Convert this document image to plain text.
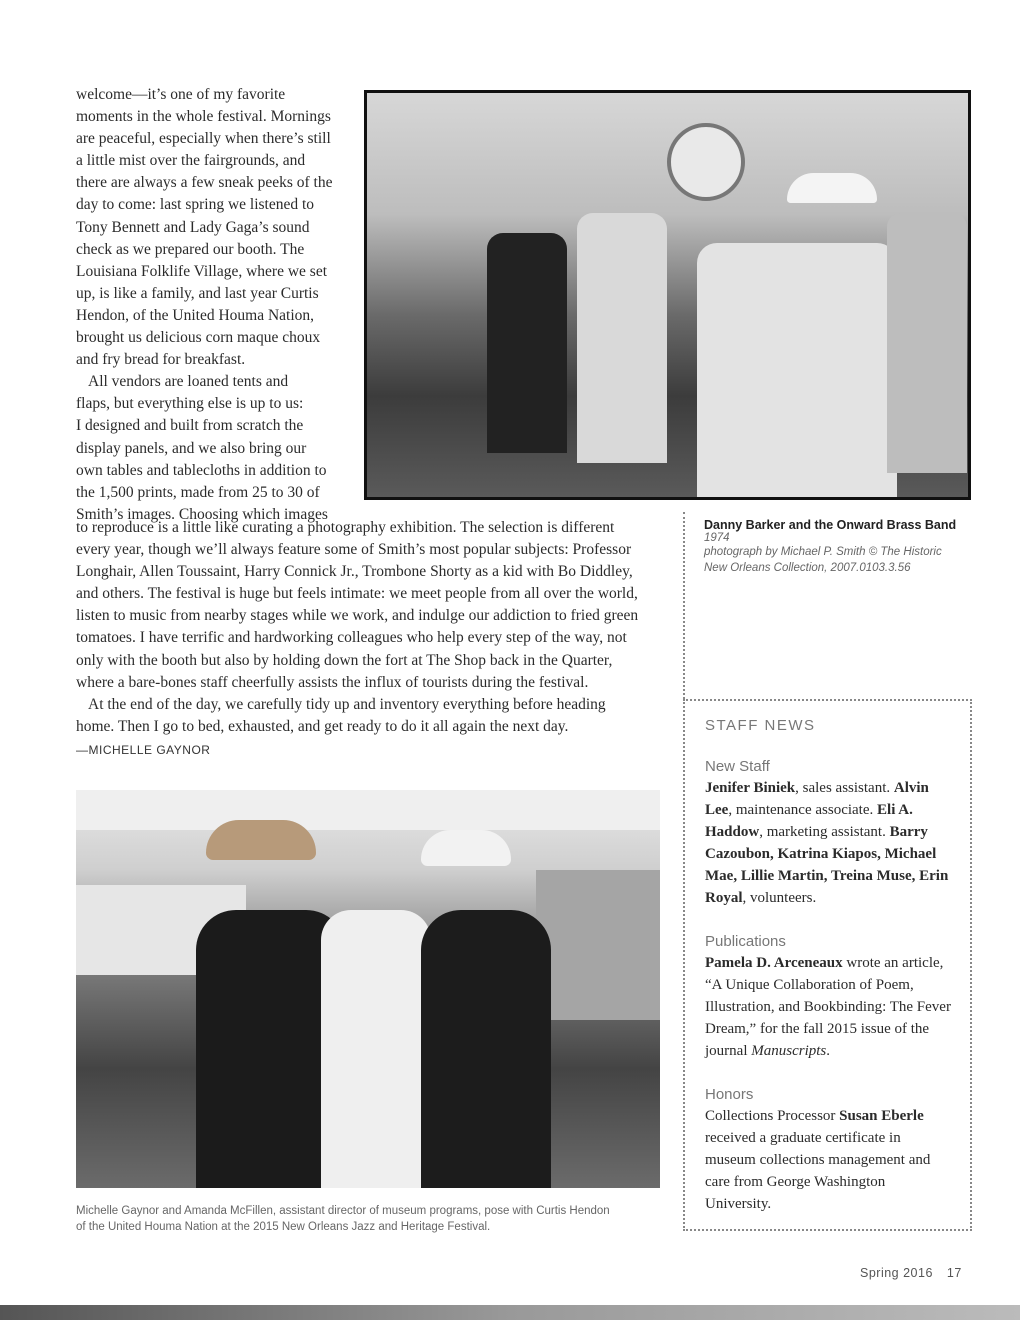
welcome—it’s one of my favorite
moments in the whole festival. Mornings
are peaceful, especially when there’s still
a little mist over the fairgrounds, and
there are always a few sneak peeks of the
day to come: last spring we listened to
Tony Bennett and Lady Gaga’s sound
check as we prepared our booth. The
Louisiana Folklife Village, where we set
up, is like a family, and last year Curtis
Hendon, of the United Houma Nation,
brought us delicious corn maque choux
and fry bread for breakfast.
All vendors are loaned tents and
flaps, but everything else is up to us:
I designed and built from scratch the
display panels, and we also bring our
own tables and tablecloths in addition to
the 1,500 prints, made from 25 to 30 of
Smith’s images. Choosing which images
to reproduce is a little like curating a photography exhibition. The selection is different
every year, though we’ll always feature some of Smith’s most popular subjects: Professor
Longhair, Allen Toussaint, Harry Connick Jr., Trombone Shorty as a kid with Bo Diddley,
and others. The festival is huge but feels intimate: we meet people from all over the world,
listen to music from nearby stages while we work, and indulge our addiction to fried green
tomatoes. I have terrific and hardworking colleagues who help every step of the way, not
only with the booth but also by holding down the fort at The Shop back in the Quarter,
where a bare-bones staff cheerfully assists the influx of tourists during the festival.
At the end of the day, we carefully tidy up and inventory everything before heading
home. Then I go to bed, exhausted, and get ready to do it all again the next day.
—MICHELLE GAYNOR
Danny Barker and the Onward Brass Band
1974
photograph by Michael P. Smith © The Historic
New Orleans Collection, 2007.0103.3.56
Michelle Gaynor and Amanda McFillen, assistant director of museum programs, pose with Curtis Hendon
of the United Houma Nation at the 2015 New Orleans Jazz and Heritage Festival.
STAFF NEWS
New Staff
Jenifer Biniek, sales assistant. Alvin Lee, maintenance associate. Eli A. Haddow, marketing assistant. Barry Cazoubon, Katrina Kiapos, Michael Mae, Lillie Martin, Treina Muse, Erin Royal, volunteers.
Publications
Pamela D. Arceneaux wrote an article, “A Unique Collaboration of Poem, Illustration, and Bookbinding: The Fever Dream,” for the fall 2015 issue of the journal Manuscripts.
Honors
Collections Processor Susan Eberle received a graduate certificate in museum collections management and care from George Washington University.
Spring 2016 17
